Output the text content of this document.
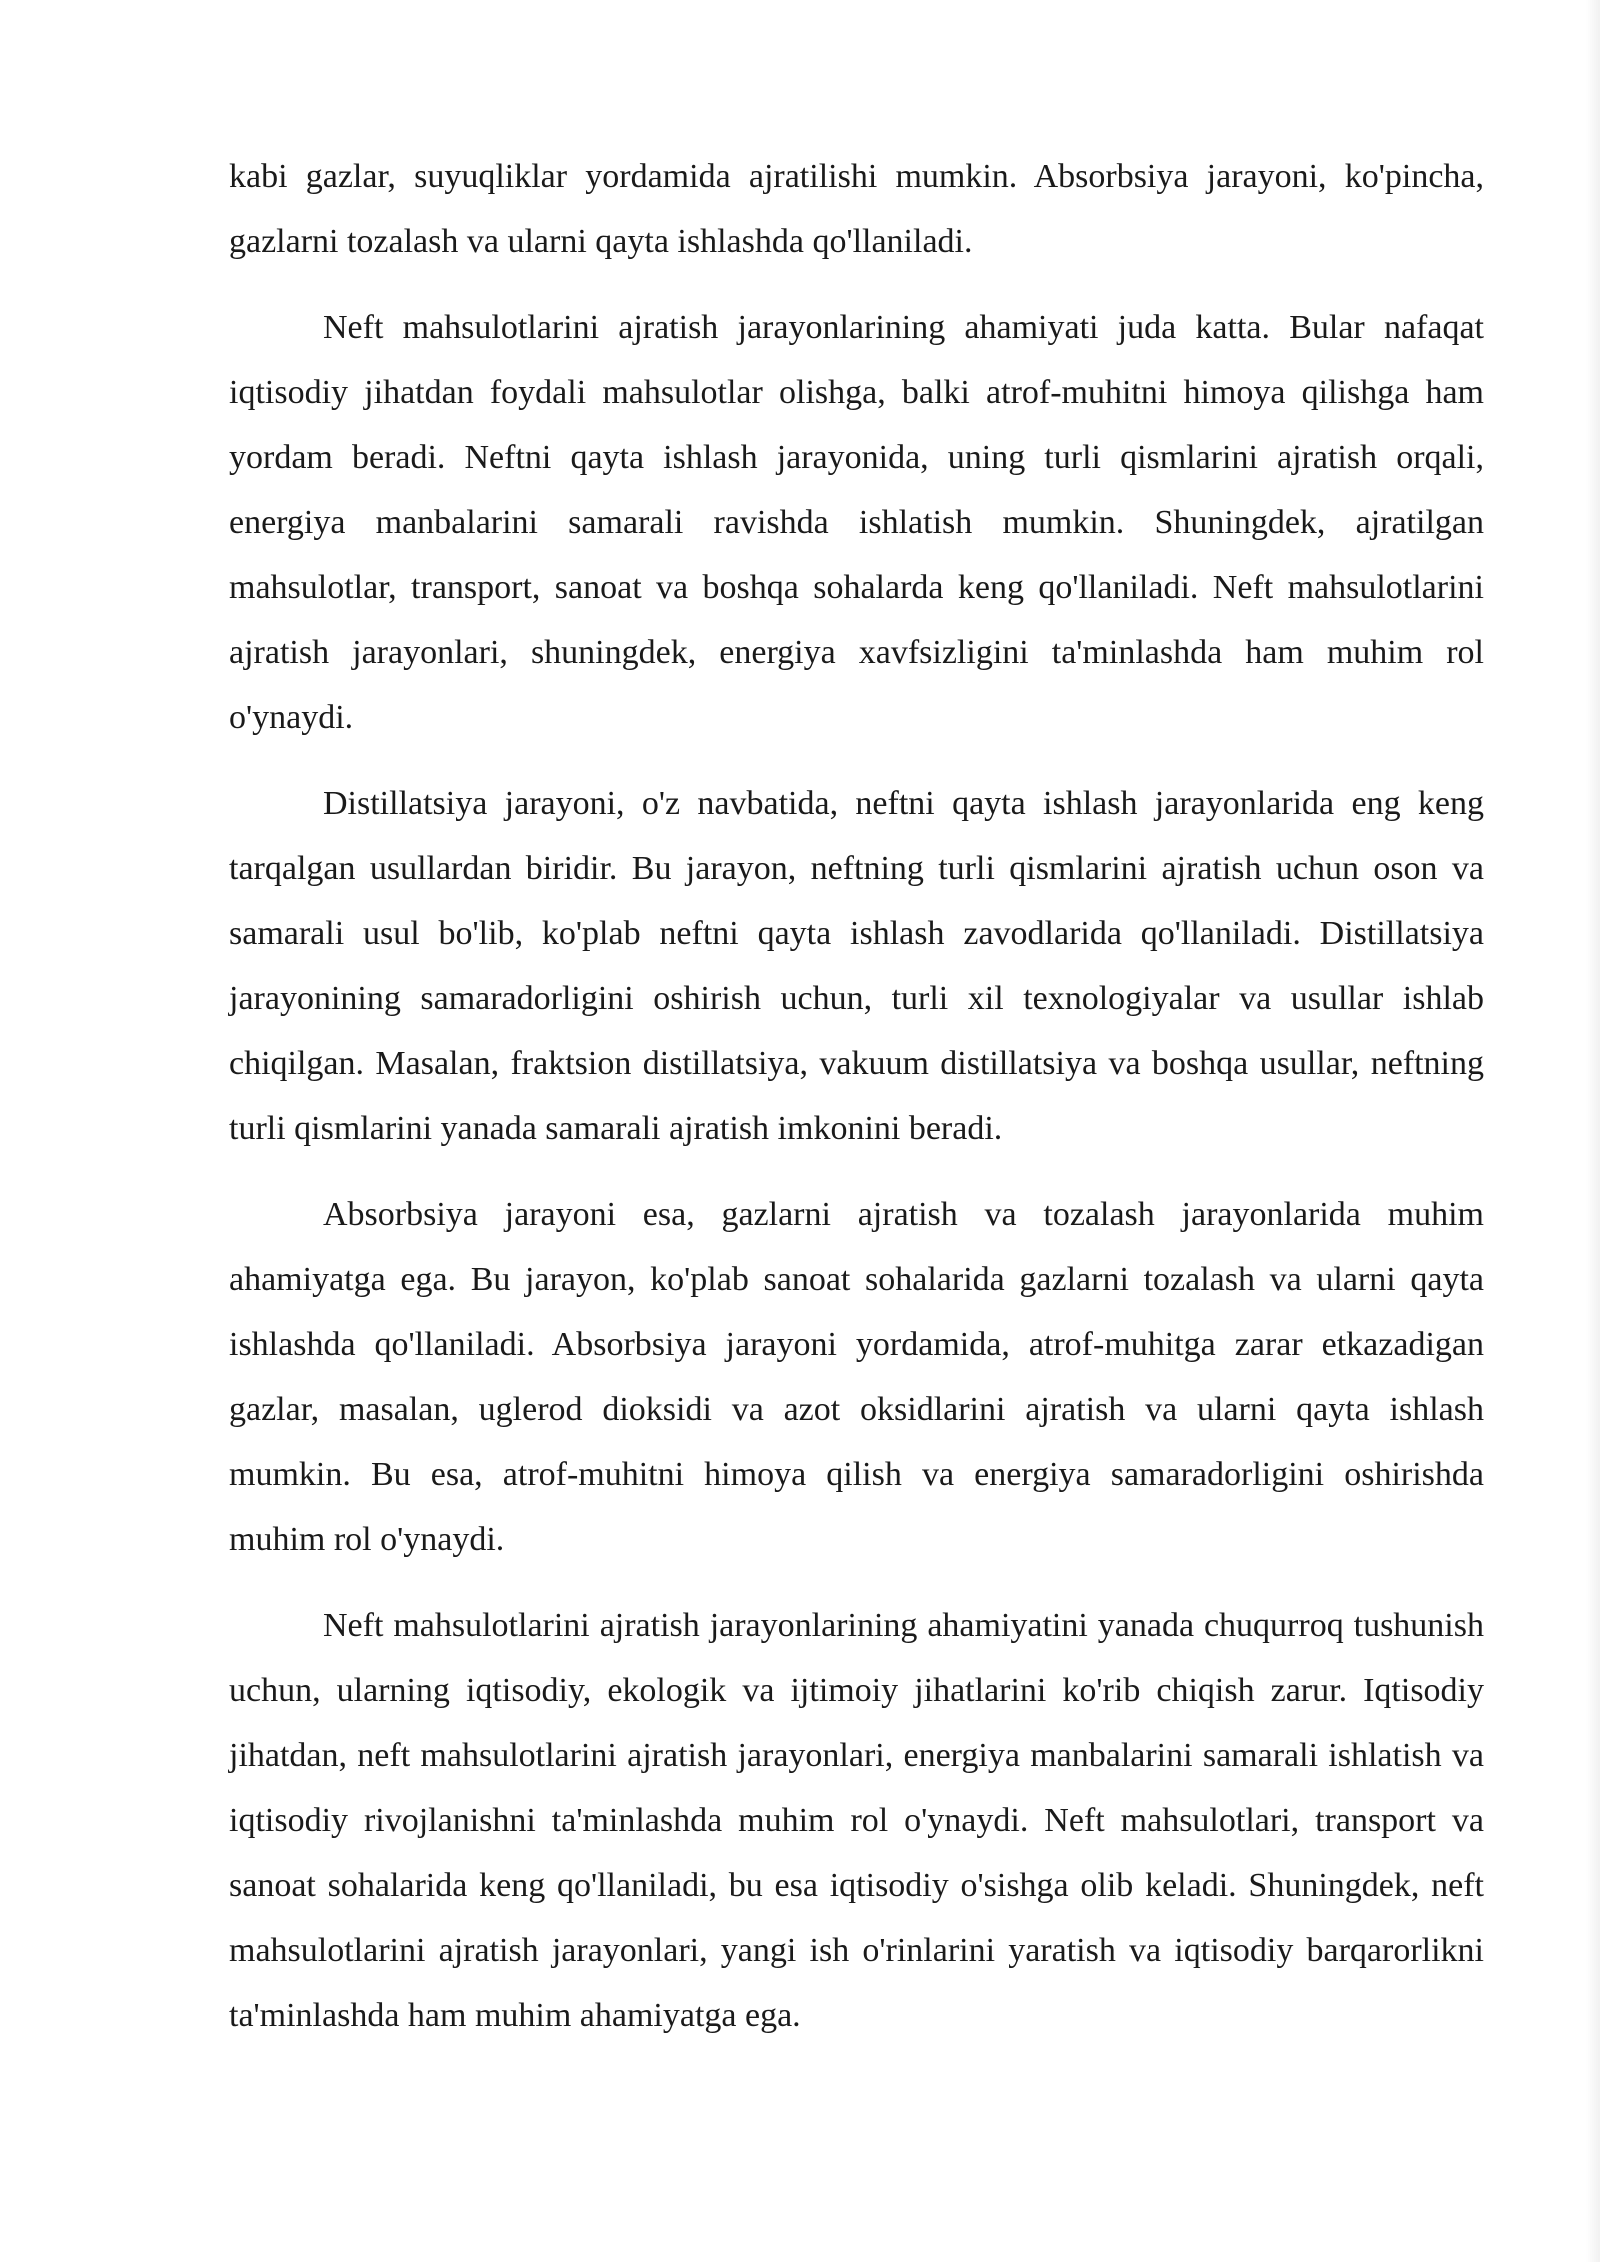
kabi gazlar, suyuqliklar yordamida ajratilishi mumkin. Absorbsiya jarayoni, ko'pincha, gazlarni tozalash va ularni qayta ishlashda qo'llaniladi.

Neft mahsulotlarini ajratish jarayonlarining ahamiyati juda katta. Bular nafaqat iqtisodiy jihatdan foydali mahsulotlar olishga, balki atrof-muhitni himoya qilishga ham yordam beradi. Neftni qayta ishlash jarayonida, uning turli qismlarini ajratish orqali, energiya manbalarini samarali ravishda ishlatish mumkin. Shuningdek, ajratilgan mahsulotlar, transport, sanoat va boshqa sohalarda keng qo'llaniladi. Neft mahsulotlarini ajratish jarayonlari, shuningdek, energiya xavfsizligini ta'minlashda ham muhim rol o'ynaydi.

Distillatsiya jarayoni, o'z navbatida, neftni qayta ishlash jarayonlarida eng keng tarqalgan usullardan biridir. Bu jarayon, neftning turli qismlarini ajratish uchun oson va samarali usul bo'lib, ko'plab neftni qayta ishlash zavodlarida qo'llaniladi. Distillatsiya jarayonining samaradorligini oshirish uchun, turli xil texnologiyalar va usullar ishlab chiqilgan. Masalan, fraktsion distillatsiya, vakuum distillatsiya va boshqa usullar, neftning turli qismlarini yanada samarali ajratish imkonini beradi.

Absorbsiya jarayoni esa, gazlarni ajratish va tozalash jarayonlarida muhim ahamiyatga ega. Bu jarayon, ko'plab sanoat sohalarida gazlarni tozalash va ularni qayta ishlashda qo'llaniladi. Absorbsiya jarayoni yordamida, atrof-muhitga zarar etkazadigan gazlar, masalan, uglerod dioksidi va azot oksidlarini ajratish va ularni qayta ishlash mumkin. Bu esa, atrof-muhitni himoya qilish va energiya samaradorligini oshirishda muhim rol o'ynaydi.

Neft mahsulotlarini ajratish jarayonlarining ahamiyatini yanada chuqurroq tushunish uchun, ularning iqtisodiy, ekologik va ijtimoiy jihatlarini ko'rib chiqish zarur. Iqtisodiy jihatdan, neft mahsulotlarini ajratish jarayonlari, energiya manbalarini samarali ishlatish va iqtisodiy rivojlanishni ta'minlashda muhim rol o'ynaydi. Neft mahsulotlari, transport va sanoat sohalarida keng qo'llaniladi, bu esa iqtisodiy o'sishga olib keladi. Shuningdek, neft mahsulotlarini ajratish jarayonlari, yangi ish o'rinlarini yaratish va iqtisodiy barqarorlikni ta'minlashda ham muhim ahamiyatga ega.
